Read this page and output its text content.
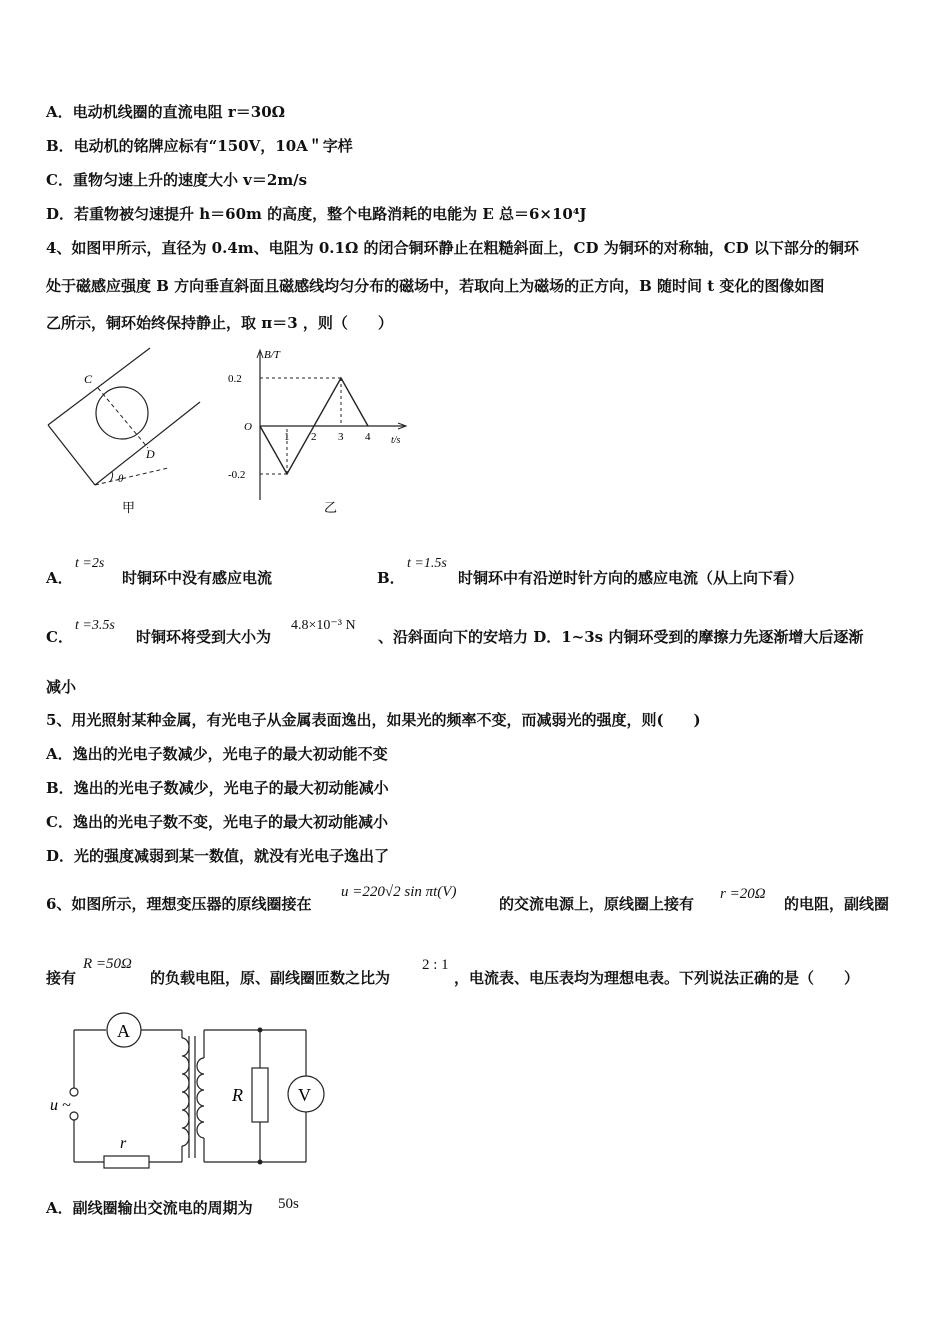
A．电动机线圈的直流电阻 r＝30Ω
B．电动机的铭牌应标有“150V，10A＂字样
C．重物匀速上升的速度大小 v＝2m/s
D．若重物被匀速提升 h＝60m 的高度，整个电路消耗的电能为 E 总＝6×10⁴J
4、如图甲所示，直径为 0.4m、电阻为 0.1Ω 的闭合铜环静止在粗糙斜面上，CD 为铜环的对称轴，CD 以下部分的铜环
处于磁感应强度 B 方向垂直斜面且磁感线均匀分布的磁场中，若取向上为磁场的正方向，B 随时间 t 变化的图像如图
乙所示，铜环始终保持静止，取 π＝3 ，则（　　）
C
D
θ
甲
1 2 3 4
0.2
-0.2
B/T
t/s
O
乙
t =2s
A．	时铜环中没有感应电流	B．
t =1.5s
时铜环中有沿逆时针方向的感应电流（从上向下看）
C．
t =3.5s
时铜环将受到大小为
4.8×10⁻³ N
、沿斜面向下的安培力 D．1~3s 内铜环受到的摩擦力先逐渐增大后逐渐
减小
5、用光照射某种金属，有光电子从金属表面逸出，如果光的频率不变，而减弱光的强度，则(　　)
A．逸出的光电子数减少，光电子的最大初动能不变
B．逸出的光电子数减少，光电子的最大初动能减小
C．逸出的光电子数不变，光电子的最大初动能减小
D．光的强度减弱到某一数值，就没有光电子逸出了
6、如图所示，理想变压器的原线圈接在
u =220√2 sin πt(V)
的交流电源上，原线圈上接有
r =20Ω
的电阻，副线圈
接有
R =50Ω
的负载电阻，原、副线圈匝数之比为
2 : 1
，电流表、电压表均为理想电表。下列说法正确的是（　　）
A
r
u ~
R	V
A．副线圈输出交流电的周期为 50s
